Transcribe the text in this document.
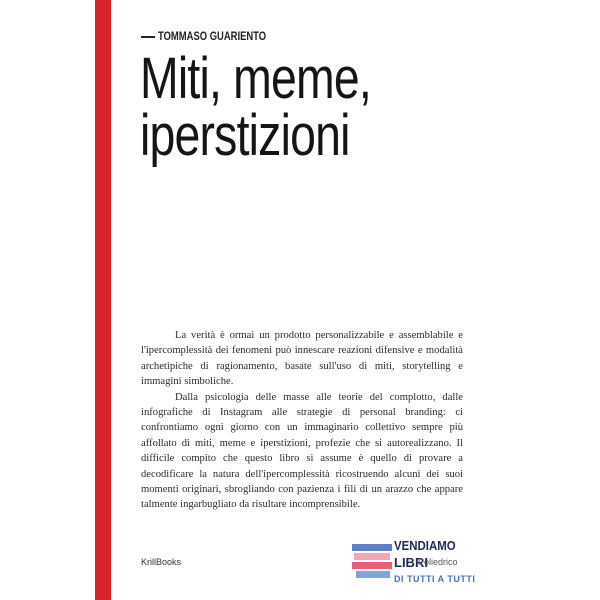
TOMMASO GUARIENTO
Miti, meme,
iperstizioni

La verità è ormai un prodotto personalizzabile e assemblabile e l'ipercomplessità dei fenomeni può innescare reazioni difensive e modalità archetipiche di ragionamento, basate sull'uso di miti, storytelling e immagini simboliche.

Dalla psicologia delle masse alle teorie del complotto, dalle infografiche di Instagram alle strategie di personal branding: ci confrontiamo ogni giorno con un immaginario collettivo sempre più affollato di miti, meme e iperstizioni, profezie che si autorealizzano. Il difficile compito che questo libro si assume è quello di provare a decodificare la natura dell'ipercomplessità ricostruendo alcuni dei suoi momenti originari, sbrogliando con pazienza i fili di un arazzo che appare talmente ingarbugliato da risultare incomprensibile.

KrillBooks
VENDIAMO
LIBRI
Poliedrico
DI TUTTI A TUTTI
